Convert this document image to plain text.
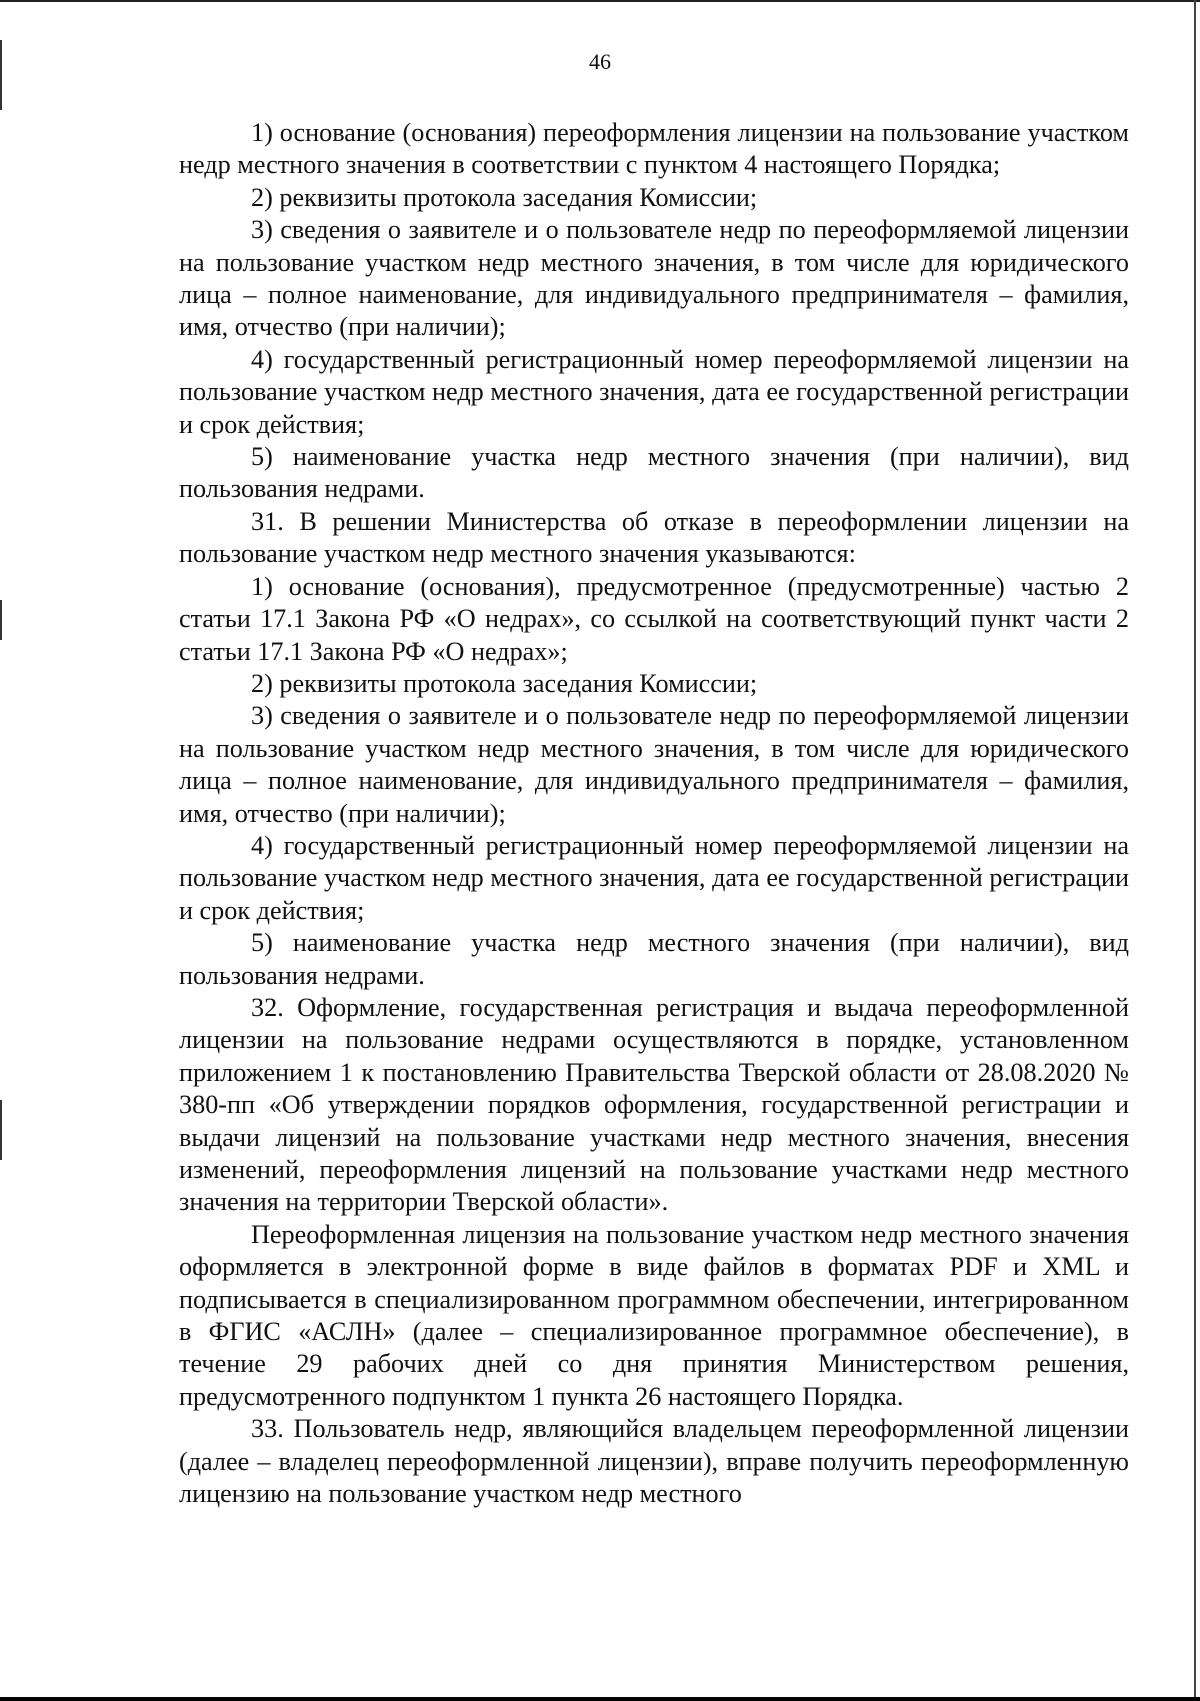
46

1) основание (основания) переоформления лицензии на пользование участком недр местного значения в соответствии с пунктом 4 настоящего Порядка;

2) реквизиты протокола заседания Комиссии;

3) сведения о заявителе и о пользователе недр по переоформляемой лицензии на пользование участком недр местного значения, в том числе для юридического лица – полное наименование, для индивидуального предпринимателя – фамилия, имя, отчество (при наличии);

4) государственный регистрационный номер переоформляемой лицензии на пользование участком недр местного значения, дата ее государственной регистрации и срок действия;

5) наименование участка недр местного значения (при наличии), вид пользования недрами.

31. В решении Министерства об отказе в переоформлении лицензии на пользование участком недр местного значения указываются:

1) основание (основания), предусмотренное (предусмотренные) частью 2 статьи 17.1 Закона РФ «О недрах», со ссылкой на соответствующий пункт части 2 статьи 17.1 Закона РФ «О недрах»;

2) реквизиты протокола заседания Комиссии;

3) сведения о заявителе и о пользователе недр по переоформляемой лицензии на пользование участком недр местного значения, в том числе для юридического лица – полное наименование, для индивидуального предпринимателя – фамилия, имя, отчество (при наличии);

4) государственный регистрационный номер переоформляемой лицензии на пользование участком недр местного значения, дата ее государственной регистрации и срок действия;

5) наименование участка недр местного значения (при наличии), вид пользования недрами.

32. Оформление, государственная регистрация и выдача переоформленной лицензии на пользование недрами осуществляются в порядке, установленном приложением 1 к постановлению Правительства Тверской области от 28.08.2020 № 380-пп «Об утверждении порядков оформления, государственной регистрации и выдачи лицензий на пользование участками недр местного значения, внесения изменений, переоформления лицензий на пользование участками недр местного значения на территории Тверской области».

Переоформленная лицензия на пользование участком недр местного значения оформляется в электронной форме в виде файлов в форматах PDF и XML и подписывается в специализированном программном обеспечении, интегрированном в ФГИС «АСЛН» (далее – специализированное программное обеспечение), в течение 29 рабочих дней со дня принятия Министерством решения, предусмотренного подпунктом 1 пункта 26 настоящего Порядка.

33. Пользователь недр, являющийся владельцем переоформленной лицензии (далее – владелец переоформленной лицензии), вправе получить переоформленную лицензию на пользование участком недр местного
